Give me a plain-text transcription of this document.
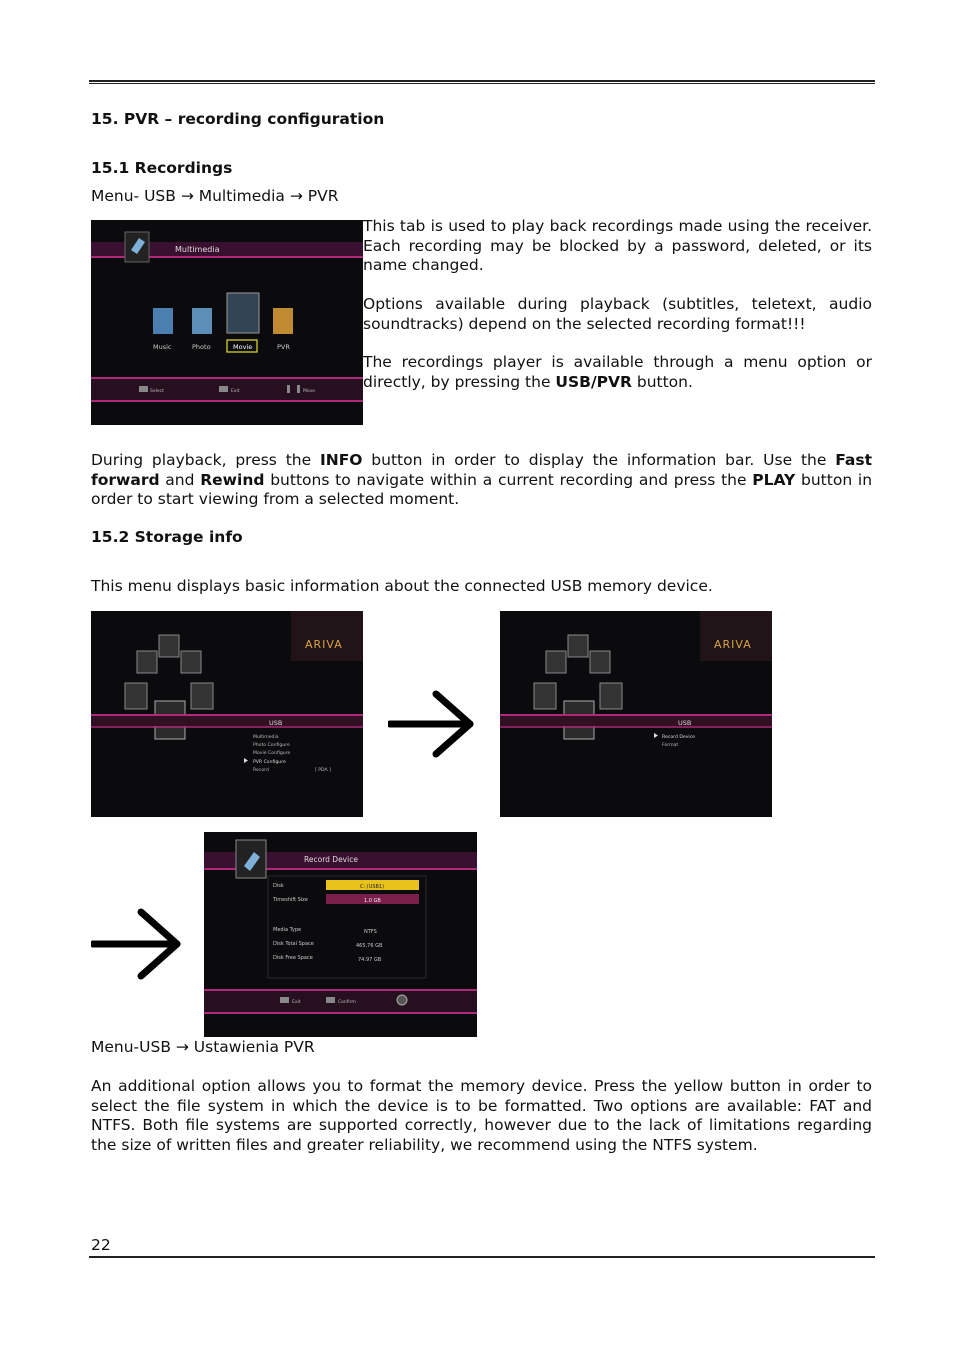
15. PVR – recording configuration
15.1 Recordings
Menu- USB → Multimedia → PVR
Multimedia
Music	Photo	Movie	PVR
Select	Exit	Move
This tab is used to play back recordings made using the receiver. Each recording may be blocked by a password, deleted, or its name changed.
Options available during playback (subtitles, teletext, audio soundtracks) depend on the selected recording format!!!
The recordings player is available through a menu option or directly, by pressing the USB/PVR button.
During playback, press the INFO button in order to display the information bar. Use the Fast forward and Rewind buttons to navigate within a current recording and press the PLAY button in order to start viewing from a selected moment.
15.2 Storage info
This menu displays basic information about the connected USB memory device.
ARIVA
USB
Multimedia
Photo Configure
Movie Configure
PVR Configure
Record	[ PDA ]
ARIVA
USB
Record Device
Format
Record Device
Disk	C: (USB1)
Timeshift Size	1.0 GB
Media Type	NTFS
Disk Total Space	465.76 GB
Disk Free Space	74.97 GB
Exit	Confirm
Menu-USB → Ustawienia PVR
An additional option allows you to format the memory device. Press the yellow button in order to select the file system in which the device is to be formatted. Two options are available: FAT and NTFS. Both file systems are supported correctly, however due to the lack of limitations regarding the size of written files and greater reliability, we recommend using the NTFS system.
22
